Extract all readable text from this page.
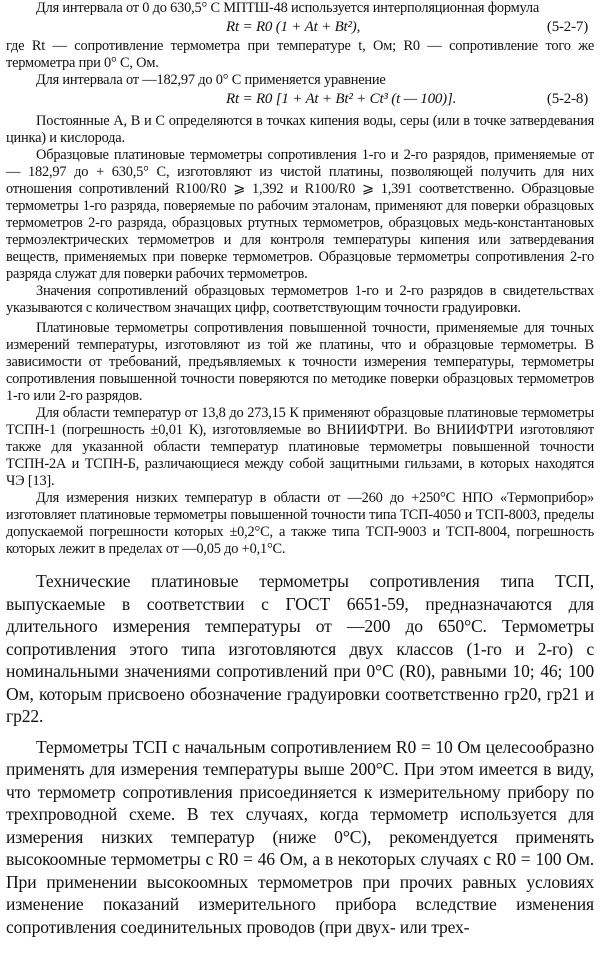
Для интервала от 0 до 630,5° С МПТШ-48 используется интерполяционная формула

Rt = R0 (1 + At + Bt²),	(5-2-7)

где Rt — сопротивление термометра при температуре t, Ом; R0 — сопротивление того же термометра при 0° С, Ом.

Для интервала от —182,97 до 0° С применяется уравнение

Rt = R0 [1 + At + Bt² + Ct³ (t — 100)].	(5-2-8)

Постоянные A, B и C определяются в точках кипения воды, серы (или в точке затвердевания цинка) и кислорода.

Образцовые платиновые термометры сопротивления 1-го и 2-го разрядов, применяемые от — 182,97 до + 630,5° С, изготовляют из чистой платины, позволяющей получить для них отношения сопротивлений R100/R0 ⩾ 1,392 и R100/R0 ⩾ 1,391 соответственно. Образцовые термометры 1-го разряда, поверяемые по рабочим эталонам, применяют для поверки образцовых термометров 2-го разряда, образцовых ртутных термометров, образцовых медь-константановых термоэлектрических термометров и для контроля температуры кипения или затвердевания веществ, применяемых при поверке термометров. Образцовые термометры сопротивления 2-го разряда служат для поверки рабочих термометров.

Значения сопротивлений образцовых термометров 1-го и 2-го разрядов в свидетельствах указываются с количеством значащих цифр, соответствующим точности градуировки.

Платиновые термометры сопротивления повышенной точности, применяемые для точных измерений температуры, изготовляют из той же платины, что и образцовые термометры. В зависимости от требований, предъявляемых к точности измерения температуры, термометры сопротивления повышенной точности поверяются по методике поверки образцовых термометров 1-го или 2-го разрядов.

Для области температур от 13,8 до 273,15 К применяют образцовые платиновые термометры ТСПН-1 (погрешность ±0,01 К), изготовляемые во ВНИИФТРИ. Во ВНИИФТРИ изготовляют также для указанной области температур платиновые термометры повышенной точности ТСПН-2А и ТСПН-Б, различающиеся между собой защитными гильзами, в которых находятся ЧЭ [13].

Для измерения низких температур в области от —260 до +250°С НПО «Термоприбор» изготовляет платиновые термометры повышенной точности типа ТСП-4050 и ТСП-8003, пределы допускаемой погрешности которых ±0,2°С, а также типа ТСП-9003 и ТСП-8004, погрешность которых лежит в пределах от —0,05 до +0,1°С.

Технические платиновые термометры сопротивления типа ТСП, выпускаемые в соответствии с ГОСТ 6651-59, предназначаются для длительного измерения температуры от —200 до 650°С. Термометры сопротивления этого типа изготовляются двух классов (1-го и 2-го) с номинальными значениями сопротивлений при 0°С (R0), равными 10; 46; 100 Ом, которым присвоено обозначение градуировки соответственно гр20, гр21 и гр22.

Термометры ТСП с начальным сопротивлением R0 = 10 Ом целесообразно применять для измерения температуры выше 200°С. При этом имеется в виду, что термометр сопротивления присоединяется к измерительному прибору по трехпроводной схеме. В тех случаях, когда термометр используется для измерения низких температур (ниже 0°С), рекомендуется применять высокоомные термометры с R0 = 46 Ом, а в некоторых случаях с R0 = 100 Ом. При применении высокоомных термометров при прочих равных условиях изменение показаний измерительного прибора вследствие изменения сопротивления соединительных проводов (при двух- или трех-
